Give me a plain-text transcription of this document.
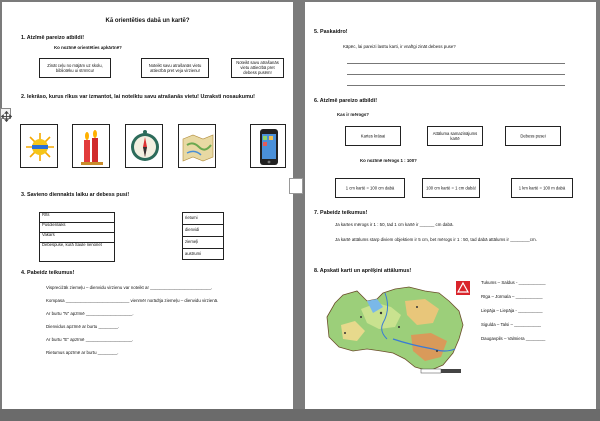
Kā orientēties dabā un kartē?
1. Atzīmē pareizo atbildi!
Ko nozīmē orientēties apkārtnē?
Zināt ceļu no mājām uz skolu, bibliotēku ui strmīcu!
Noteikt savu atrašanās vietu attiecībā pret veja virzienu!
Noteikt savu atrašanās vietu attiecībā pret debess pusēm!
2. Iekrāso, kurus rīkus var izmantot, lai noteiktu savu atrašanās vietu! Uzraksti nosaukumu!
3. Savieno diennakts laiku ar debess pusi!
Rīts
Pusdienlaiks
Vakars
Debespuse, kurā Saule nenoriet
rietumi
dienvidi
ziemeļi
austrumi
4. Pabeidz teikumus!
Vispreciżāk ziemeļu – dienvidu virzienu var noteikt ar _________________________.
Kompasa __________________________ vienmēr norādīja ziemeļu – dienvidu virzienā.
Ar burtu "N" apzīmē ___________________.
Dienvidus apzīmē ar burtu ________.
Ar burtu "E" apzīmē ___________________.
Rietumus apzīmē ar burtu ________.
5. Paskaidro!
Kāpēc, lai pareizi lasītu karti, ir vnafīgi zināt debess puse?
6. Atzīmē pareizo atbildi!
Kas ir mērogs?
Kartes krāsai
Attāluma samazinājums kartē
Debess pusei
Ko nozīmē mērogs 1 : 100?
1 cm kartē = 100 cm dabā	100 cm kartē = 1 cm dabā!	1 km kartē = 100 m dabā
7. Pabeidz teikumus!
Ja kartes mērogs ir 1 : 50, tad 1 cm kartē ir ______ cm dabā.
Ja kartē attālums starp diviem objektiem ir 5 cm, bet mērogs ir 1 : 50, tad dabā attālums ir ________cm.
8. Apskati karti un aprēķini attālumus!
Tukums – Saldus - ___________
Rīga – Jūrmala – ___________
Liepāja – Liepāja - __________
Sigulda – Talsi – ___________
Daugavpils – Valmiera ________
